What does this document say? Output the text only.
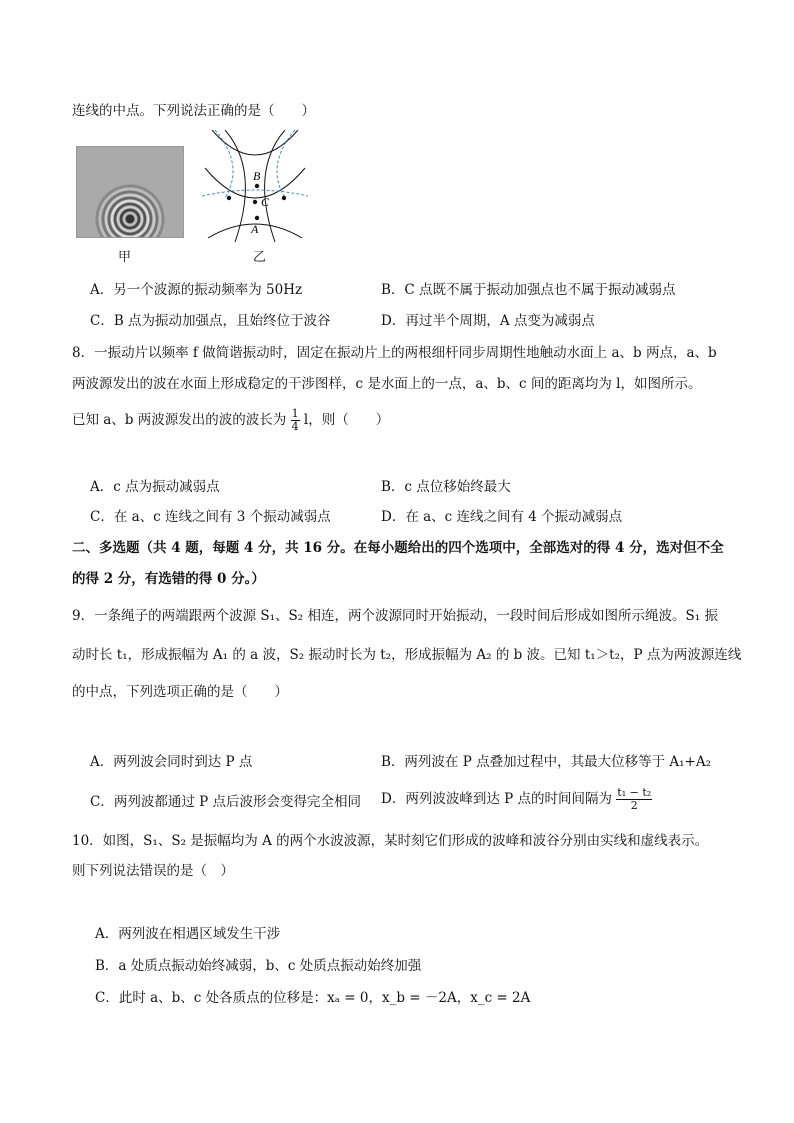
连线的中点。下列说法正确的是（　　）
甲
B
C
A
乙
A．另一个波源的振动频率为 50Hz	B．C 点既不属于振动加强点也不属于振动减弱点
C．B 点为振动加强点，且始终位于波谷	D．再过半个周期，A 点变为减弱点
8．一振动片以频率 f 做简谐振动时，固定在振动片上的两根细杆同步周期性地触动水面上 a、b 两点，a、b
两波源发出的波在水面上形成稳定的干涉图样，c 是水面上的一点，a、b、c 间的距离均为 l，如图所示。
已知 a、b 两波源发出的波的波长为 $\frac{1}{4}$ l，则（　　）
A．c 点为振动减弱点	B．c 点位移始终最大
C．在 a、c 连线之间有 3 个振动减弱点	D．在 a、c 连线之间有 4 个振动减弱点
二、多选题（共 4 题，每题 4 分，共 16 分。在每小题给出的四个选项中，全部选对的得 4 分，选对但不全
的得 2 分，有选错的得 0 分。）
9．一条绳子的两端跟两个波源 S₁、S₂ 相连，两个波源同时开始振动，一段时间后形成如图所示绳波。S₁ 振
动时长 t₁，形成振幅为 A₁ 的 a 波，S₂ 振动时长为 t₂，形成振幅为 A₂ 的 b 波。已知 t₁＞t₂，P 点为两波源连线
的中点，下列选项正确的是（　　）
A．两列波会同时到达 P 点	B．两列波在 P 点叠加过程中，其最大位移等于 A₁+A₂
C．两列波都通过 P 点后波形会变得完全相同 D．两列波波峰到达 P 点的时间间隔为 $\frac{\text{t₁ − t₂}}{2}$
10．如图，S₁、S₂ 是振幅均为 A 的两个水波波源，某时刻它们形成的波峰和波谷分别由实线和虚线表示。
则下列说法错误的是（　）
A．两列波在相遇区域发生干涉
B．a 处质点振动始终减弱，b、c 处质点振动始终加强
C．此时 a、b、c 处各质点的位移是：xₐ = 0，x_b = －2A，x_c = 2A
